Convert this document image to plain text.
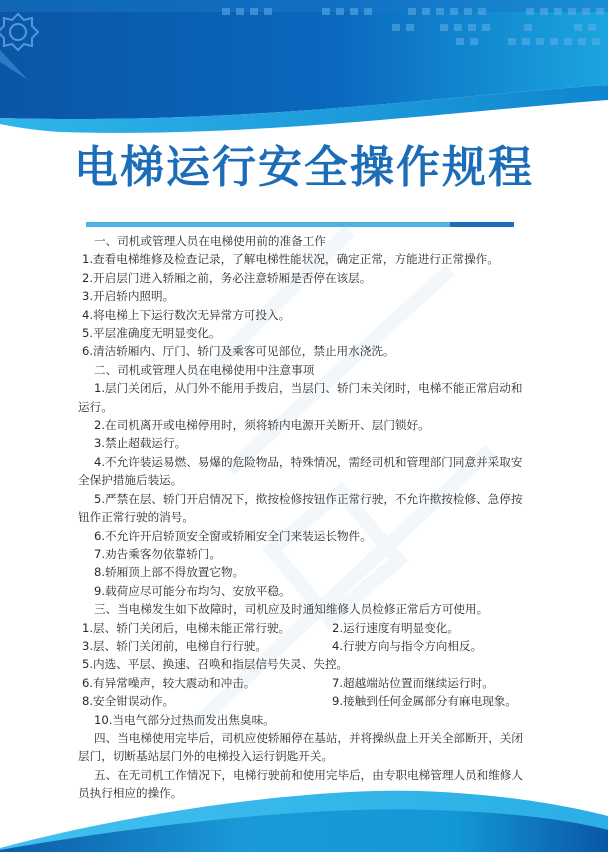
电梯运行安全操作规程
一、司机或管理人员在电梯使用前的准备工作
1.查看电梯维修及检查记录，了解电梯性能状况，确定正常，方能进行正常操作。
2.开启层门进入轿厢之前，务必注意轿厢是否停在该层。
3.开启轿内照明。
4.将电梯上下运行数次无异常方可投入。
5.平层准确度无明显变化。
6.清洁轿厢内、厅门、轿门及乘客可见部位，禁止用水浇洗。
二、司机或管理人员在电梯使用中注意事项
1.层门关闭后，从门外不能用手拨启，当层门、轿门未关闭时，电梯不能正常启动和运行。
2.在司机离开或电梯停用时，须将轿内电源开关断开、层门锁好。
3.禁止超载运行。
4.不允许装运易燃、易爆的危险物品，特殊情况，需经司机和管理部门同意并采取安全保护措施后装运。
5.严禁在层、轿门开启情况下，揿按检修按钮作正常行驶，不允许揿按检修、急停按钮作正常行驶的消号。
6.不允许开启轿顶安全窗或轿厢安全门来装运长物件。
7.劝告乘客勿依靠轿门。
8.轿厢顶上部不得放置它物。
9.载荷应尽可能分布均匀、安放平稳。
三、当电梯发生如下故障时，司机应及时通知维修人员检修正常后方可使用。
1.层、轿门关闭后，电梯未能正常行驶。	2.运行速度有明显变化。
3.层、轿门关闭前，电梯自行行驶。	4.行驶方向与指令方向相反。
5.内选、平层、换速、召唤和指层信号失灵、失控。
6.有异常噪声，较大震动和冲击。	7.超越端站位置而继续运行时。
8.安全钳误动作。	9.接触到任何金属部分有麻电现象。
10.当电气部分过热而发出焦臭味。
四、当电梯使用完毕后，司机应使轿厢停在基站，并将操纵盘上开关全部断开，关闭层门，切断基站层门外的电梯投入运行钥匙开关。
五、在无司机工作情况下，电梯行驶前和使用完毕后，由专职电梯管理人员和维修人员执行相应的操作。
